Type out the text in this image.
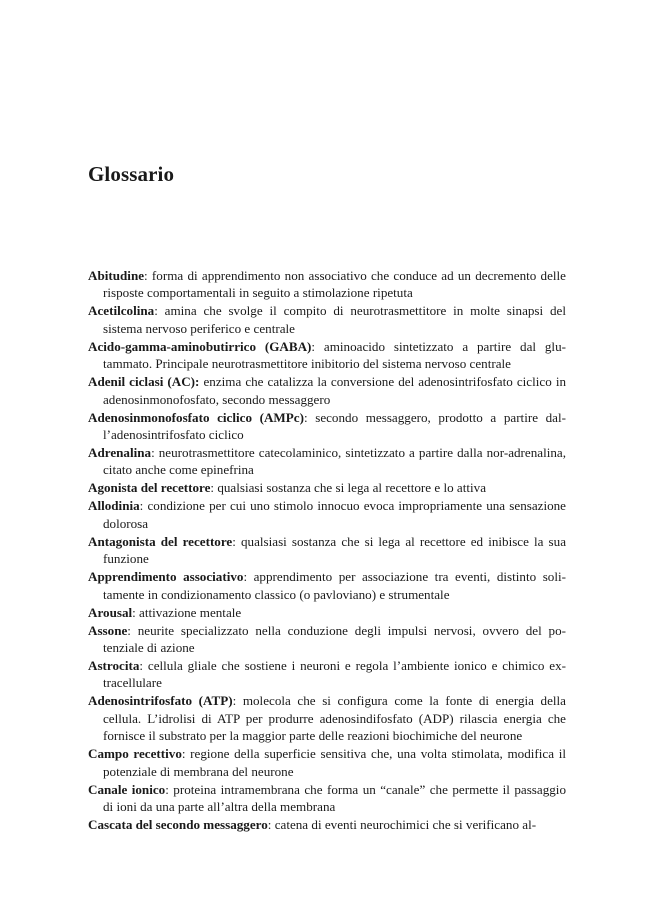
Glossario
Abitudine: forma di apprendimento non associativo che conduce ad un decremento delle risposte comportamentali in seguito a stimolazione ripetuta
Acetilcolina: amina che svolge il compito di neurotrasmettitore in molte sinapsi del sistema nervoso periferico e centrale
Acido-gamma-aminobutirrico (GABA): aminoacido sintetizzato a partire dal glutammato. Principale neurotrasmettitore inibitorio del sistema nervoso centrale
Adenil ciclasi (AC): enzima che catalizza la conversione del adenosintrifosfato ciclico in adenosinmonofosfato, secondo messaggero
Adenosinmonofosfato ciclico (AMPc): secondo messaggero, prodotto a partire dall’adenosintrifosfato ciclico
Adrenalina: neurotrasmettitore catecolaminico, sintetizzato a partire dalla nor-adrenalina, citato anche come epinefrina
Agonista del recettore: qualsiasi sostanza che si lega al recettore e lo attiva
Allodinia: condizione per cui uno stimolo innocuo evoca impropriamente una sensazione dolorosa
Antagonista del recettore: qualsiasi sostanza che si lega al recettore ed inibisce la sua funzione
Apprendimento associativo: apprendimento per associazione tra eventi, distinto solitamente in condizionamento classico (o pavloviano) e strumentale
Arousal: attivazione mentale
Assone: neurite specializzato nella conduzione degli impulsi nervosi, ovvero del potenziale di azione
Astrocita: cellula gliale che sostiene i neuroni e regola l’ambiente ionico e chimico extracellulare
Adenosintrifosfato (ATP): molecola che si configura come la fonte di energia della cellula. L’idrolisi di ATP per produrre adenosindifosfato (ADP) rilascia energia che fornisce il substrato per la maggior parte delle reazioni biochimiche del neurone
Campo recettivo: regione della superficie sensitiva che, una volta stimolata, modifica il potenziale di membrana del neurone
Canale ionico: proteina intramembrana che forma un “canale” che permette il passaggio di ioni da una parte all’altra della membrana
Cascata del secondo messaggero: catena di eventi neurochimici che si verificano al-
